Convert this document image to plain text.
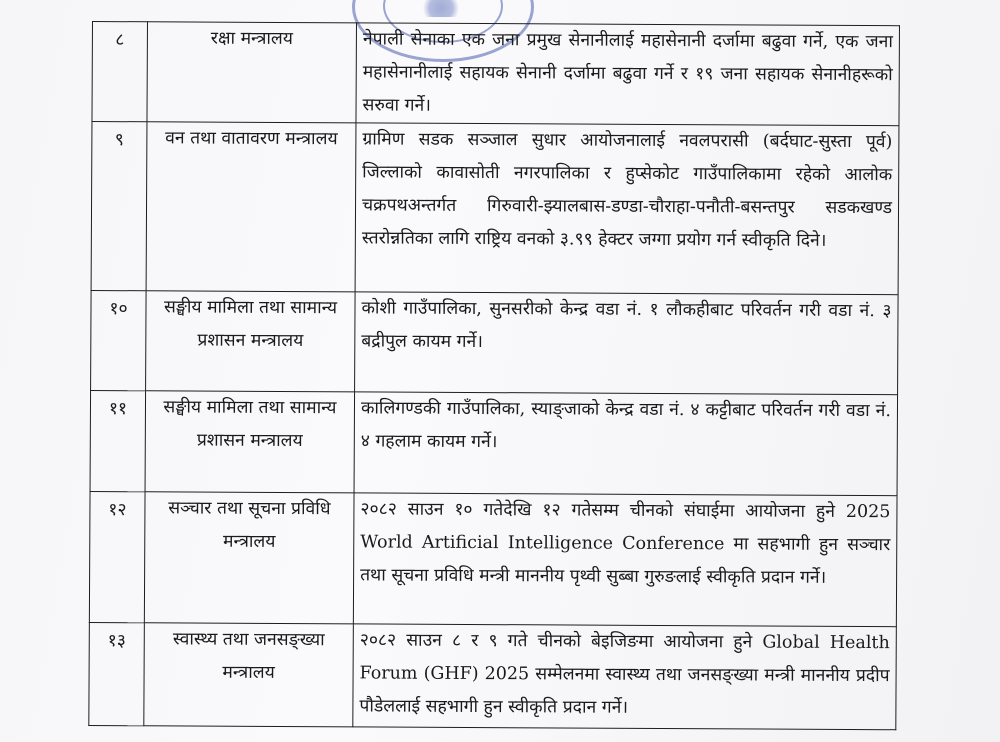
८	रक्षा मन्त्रालय	नेपाली सेनाका एक जना प्रमुख सेनानीलाई महासेनानी दर्जामा बढुवा गर्ने, एक जना महासेनानीलाई सहायक सेनानी दर्जामा बढुवा गर्ने र १९ जना सहायक सेनानीहरूको सरुवा गर्ने।
९	वन तथा वातावरण मन्त्रालय	ग्रामिण सडक सञ्जाल सुधार आयोजनालाई नवलपरासी (बर्दघाट-सुस्ता पूर्व) जिल्लाको कावासोती नगरपालिका र हुप्सेकोट गाउँपालिकामा रहेको आलोक चक्रपथअन्तर्गत गिरुवारी-झ्यालबास-डण्डा-चौराहा-पनौती-बसन्तपुर सडकखण्ड स्तरोन्नतिका लागि राष्ट्रिय वनको ३.९९ हेक्टर जग्गा प्रयोग गर्न स्वीकृति दिने।
१०	सङ्घीय मामिला तथा सामान्य प्रशासन मन्त्रालय	कोशी गाउँपालिका, सुनसरीको केन्द्र वडा नं. १ लौकहीबाट परिवर्तन गरी वडा नं. ३ बद्रीपुल कायम गर्ने।
११	सङ्घीय मामिला तथा सामान्य प्रशासन मन्त्रालय	कालिगण्डकी गाउँपालिका, स्याङ्जाको केन्द्र वडा नं. ४ कट्टीबाट परिवर्तन गरी वडा नं. ४ गहलाम कायम गर्ने।
१२	सञ्चार तथा सूचना प्रविधि मन्त्रालय	२०८२ साउन १० गतेदेखि १२ गतेसम्म चीनको संघाईमा आयोजना हुने 2025 World Artificial Intelligence Conference मा सहभागी हुन सञ्चार तथा सूचना प्रविधि मन्त्री माननीय पृथ्वी सुब्बा गुरुङलाई स्वीकृति प्रदान गर्ने।
१३	स्वास्थ्य तथा जनसङ्ख्या मन्त्रालय	२०८२ साउन ८ र ९ गते चीनको बेइजिङमा आयोजना हुने Global Health Forum (GHF) 2025 सम्मेलनमा स्वास्थ्य तथा जनसङ्ख्या मन्त्री माननीय प्रदीप पौडेललाई सहभागी हुन स्वीकृति प्रदान गर्ने।
